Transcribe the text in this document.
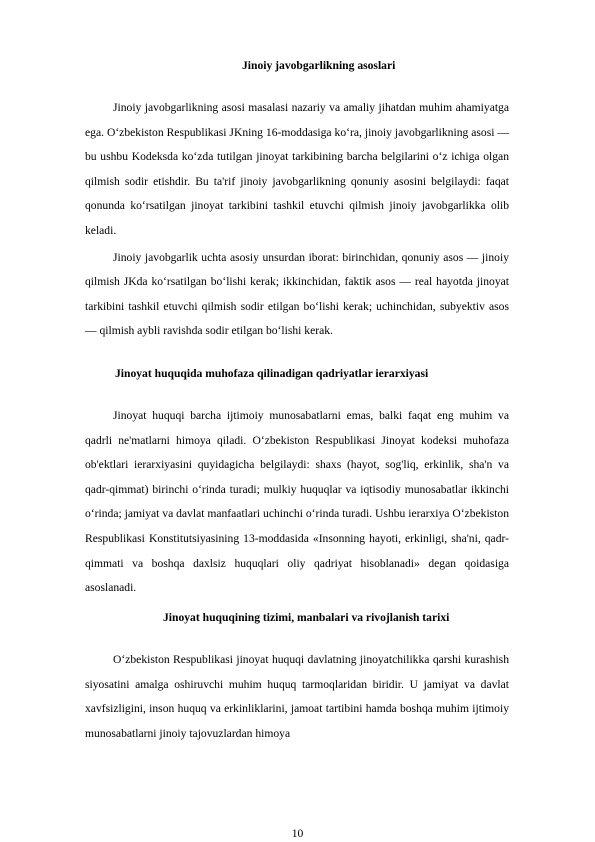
Jinoiy javobgarlikning asoslari

Jinoiy javobgarlikning asosi masalasi nazariy va amaliy jihatdan muhim ahamiyatga ega. O‘zbekiston Respublikasi JKning 16-moddasiga ko‘ra, jinoiy javobgarlikning asosi — bu ushbu Kodeksda ko‘zda tutilgan jinoyat tarkibining barcha belgilarini o‘z ichiga olgan qilmish sodir etishdir. Bu ta'rif jinoiy javobgarlikning qonuniy asosini belgilaydi: faqat qonunda ko‘rsatilgan jinoyat tarkibini tashkil etuvchi qilmish jinoiy javobgarlikka olib keladi.

Jinoiy javobgarlik uchta asosiy unsurdan iborat: birinchidan, qonuniy asos — jinoiy qilmish JKda ko‘rsatilgan bo‘lishi kerak; ikkinchidan, faktik asos — real hayotda jinoyat tarkibini tashkil etuvchi qilmish sodir etilgan bo‘lishi kerak; uchinchidan, subyektiv asos — qilmish aybli ravishda sodir etilgan bo‘lishi kerak.

Jinoyat huquqida muhofaza qilinadigan qadriyatlar ierarxiyasi

Jinoyat huquqi barcha ijtimoiy munosabatlarni emas, balki faqat eng muhim va qadrli ne'matlarni himoya qiladi. O‘zbekiston Respublikasi Jinoyat kodeksi muhofaza ob'ektlari ierarxiyasini quyidagicha belgilaydi: shaxs (hayot, sog'liq, erkinlik, sha'n va qadr-qimmat) birinchi o‘rinda turadi; mulkiy huquqlar va iqtisodiy munosabatlar ikkinchi o‘rinda; jamiyat va davlat manfaatlari uchinchi o‘rinda turadi. Ushbu ierarxiya O‘zbekiston Respublikasi Konstitutsiyasining 13-moddasida «Insonning hayoti, erkinligi, sha'ni, qadr-qimmati va boshqa daxlsiz huquqlari oliy qadriyat hisoblanadi» degan qoidasiga asoslanadi.

Jinoyat huquqining tizimi, manbalari va rivojlanish tarixi

O‘zbekiston Respublikasi jinoyat huquqi davlatning jinoyatchilikka qarshi kurashish siyosatini amalga oshiruvchi muhim huquq tarmoqlaridan biridir. U jamiyat va davlat xavfsizligini, inson huquq va erkinliklarini, jamoat tartibini hamda boshqa muhim ijtimoiy munosabatlarni jinoiy tajovuzlardan himoya

10
